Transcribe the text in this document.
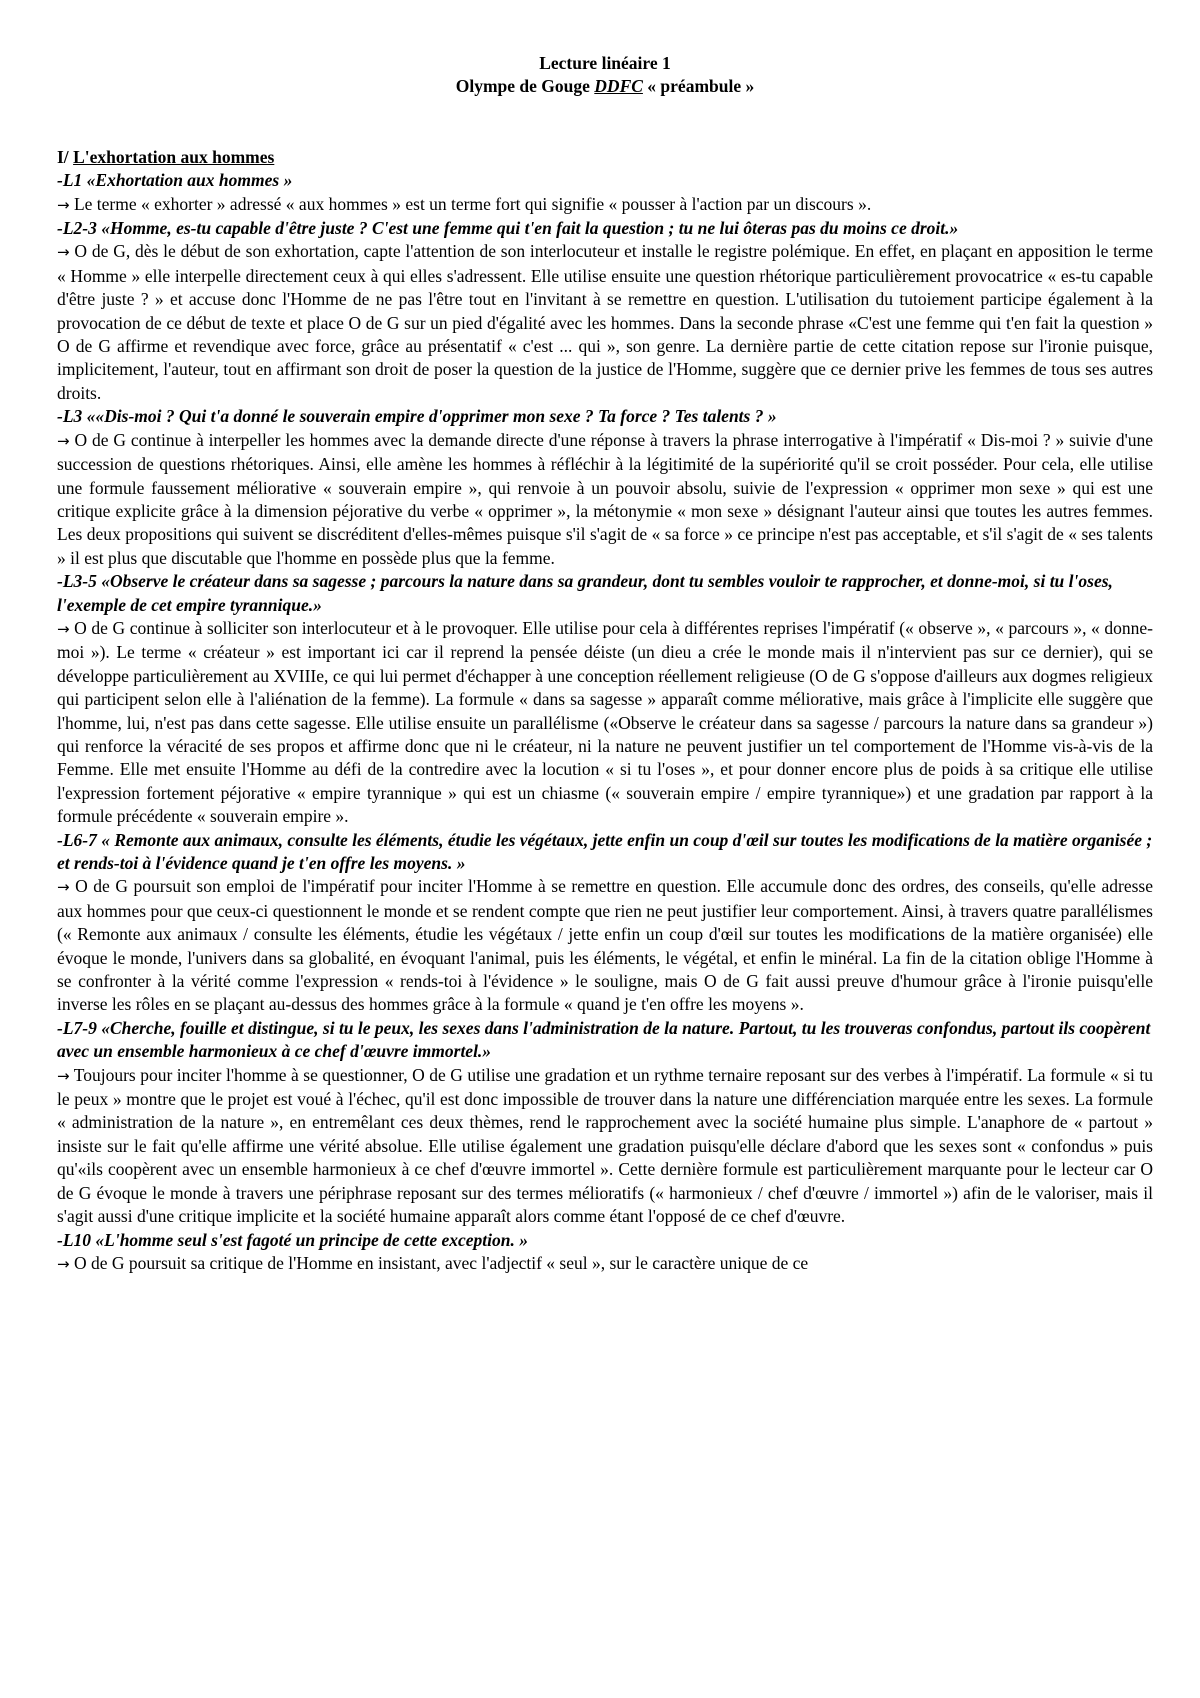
Lecture linéaire 1
Olympe de Gouge DDFC « préambule »
I/ L'exhortation aux hommes
-L1 «Exhortation aux hommes »

→ Le terme « exhorter » adressé « aux hommes » est un terme fort qui signifie « pousser à l'action par un discours ».

-L2-3 «Homme, es-tu capable d'être juste ? C'est une femme qui t'en fait la question ; tu ne lui ôteras pas du moins ce droit.»

→ O de G, dès le début de son exhortation, capte l'attention de son interlocuteur et installe le registre polémique. En effet, en plaçant en apposition le terme « Homme » elle interpelle directement ceux à qui elles s'adressent. Elle utilise ensuite une question rhétorique particulièrement provocatrice « es-tu capable d'être juste ? » et accuse donc l'Homme de ne pas l'être tout en l'invitant à se remettre en question. L'utilisation du tutoiement participe également à la provocation de ce début de texte et place O de G sur un pied d'égalité avec les hommes. Dans la seconde phrase «C'est une femme qui t'en fait la question » O de G affirme et revendique avec force, grâce au présentatif « c'est ... qui », son genre. La dernière partie de cette citation repose sur l'ironie puisque, implicitement, l'auteur, tout en affirmant son droit de poser la question de la justice de l'Homme, suggère que ce dernier prive les femmes de tous ses autres droits.

-L3 ««Dis-moi ? Qui t'a donné le souverain empire d'opprimer mon sexe ? Ta force ? Tes talents ? »

→ O de G continue à interpeller les hommes avec la demande directe d'une réponse à travers la phrase interrogative à l'impératif « Dis-moi ? » suivie d'une succession de questions rhétoriques. Ainsi, elle amène les hommes à réfléchir à la légitimité de la supériorité qu'il se croit posséder. Pour cela, elle utilise une formule faussement méliorative « souverain empire », qui renvoie à un pouvoir absolu, suivie de l'expression « opprimer mon sexe » qui est une critique explicite grâce à la dimension péjorative du verbe « opprimer », la métonymie « mon sexe » désignant l'auteur ainsi que toutes les autres femmes. Les deux propositions qui suivent se discréditent d'elles-mêmes puisque s'il s'agit de « sa force » ce principe n'est pas acceptable, et s'il s'agit de « ses talents » il est plus que discutable que l'homme en possède plus que la femme.

-L3-5 «Observe le créateur dans sa sagesse ; parcours la nature dans sa grandeur, dont tu sembles vouloir te rapprocher, et donne-moi, si tu l'oses, l'exemple de cet empire tyrannique.»

→ O de G continue à solliciter son interlocuteur et à le provoquer. Elle utilise pour cela à différentes reprises l'impératif (« observe », « parcours », « donne-moi »). Le terme « créateur » est important ici car il reprend la pensée déiste (un dieu a crée le monde mais il n'intervient pas sur ce dernier), qui se développe particulièrement au XVIIIe, ce qui lui permet d'échapper à une conception réellement religieuse (O de G s'oppose d'ailleurs aux dogmes religieux qui participent selon elle à l'aliénation de la femme). La formule « dans sa sagesse » apparaît comme méliorative, mais grâce à l'implicite elle suggère que l'homme, lui, n'est pas dans cette sagesse. Elle utilise ensuite un parallélisme («Observe le créateur dans sa sagesse / parcours la nature dans sa grandeur ») qui renforce la véracité de ses propos et affirme donc que ni le créateur, ni la nature ne peuvent justifier un tel comportement de l'Homme vis-à-vis de la Femme. Elle met ensuite l'Homme au défi de la contredire avec la locution « si tu l'oses », et pour donner encore plus de poids à sa critique elle utilise l'expression fortement péjorative « empire tyrannique » qui est un chiasme (« souverain empire / empire tyrannique») et une gradation par rapport à la formule précédente « souverain empire ».

-L6-7 « Remonte aux animaux, consulte les éléments, étudie les végétaux, jette enfin un coup d'œil sur toutes les modifications de la matière organisée ; et rends-toi à l'évidence quand je t'en offre les moyens. »

→ O de G poursuit son emploi de l'impératif pour inciter l'Homme à se remettre en question. Elle accumule donc des ordres, des conseils, qu'elle adresse aux hommes pour que ceux-ci questionnent le monde et se rendent compte que rien ne peut justifier leur comportement. Ainsi, à travers quatre parallélismes (« Remonte aux animaux / consulte les éléments, étudie les végétaux / jette enfin un coup d'œil sur toutes les modifications de la matière organisée) elle évoque le monde, l'univers dans sa globalité, en évoquant l'animal, puis les éléments, le végétal, et enfin le minéral. La fin de la citation oblige l'Homme à se confronter à la vérité comme l'expression « rends-toi à l'évidence » le souligne, mais O de G fait aussi preuve d'humour grâce à l'ironie puisqu'elle inverse les rôles en se plaçant au-dessus des hommes grâce à la formule « quand je t'en offre les moyens ».

-L7-9 «Cherche, fouille et distingue, si tu le peux, les sexes dans l'administration de la nature. Partout, tu les trouveras confondus, partout ils coopèrent avec un ensemble harmonieux à ce chef d'œuvre immortel.»

→ Toujours pour inciter l'homme à se questionner, O de G utilise une gradation et un rythme ternaire reposant sur des verbes à l'impératif. La formule « si tu le peux » montre que le projet est voué à l'échec, qu'il est donc impossible de trouver dans la nature une différenciation marquée entre les sexes. La formule « administration de la nature », en entremêlant ces deux thèmes, rend le rapprochement avec la société humaine plus simple. L'anaphore de « partout » insiste sur le fait qu'elle affirme une vérité absolue. Elle utilise également une gradation puisqu'elle déclare d'abord que les sexes sont « confondus » puis qu'«ils coopèrent avec un ensemble harmonieux à ce chef d'œuvre immortel ». Cette dernière formule est particulièrement marquante pour le lecteur car O de G évoque le monde à travers une périphrase reposant sur des termes mélioratifs (« harmonieux / chef d'œuvre / immortel ») afin de le valoriser, mais il s'agit aussi d'une critique implicite et la société humaine apparaît alors comme étant l'opposé de ce chef d'œuvre.

-L10 «L'homme seul s'est fagoté un principe de cette exception. »

→ O de G poursuit sa critique de l'Homme en insistant, avec l'adjectif « seul », sur le caractère unique de ce
